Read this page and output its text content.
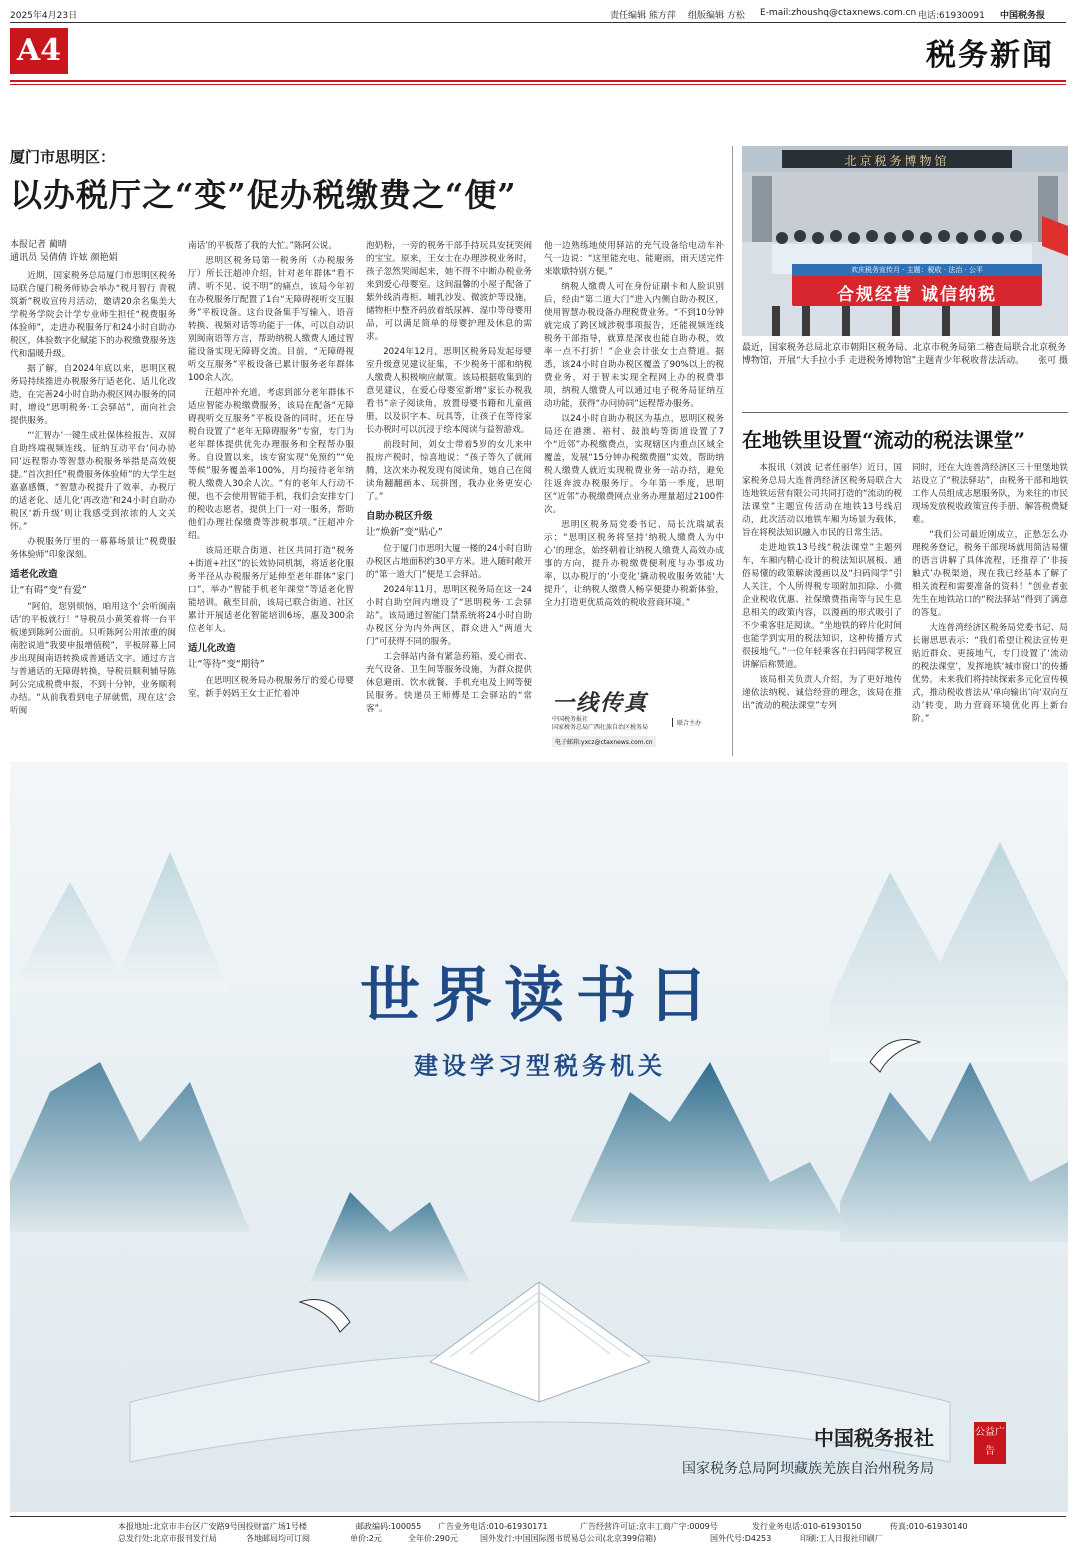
2025年4月23日	责任编辑 熊方萍 组版编辑 方松 E-mail:zhoushq@ctaxnews.com.cn 电话:61930091 中国税务报
A4	税务新闻
厦门市思明区：
以办税厅之“变”促办税缴费之“便”
本报记者 蔺晴
通讯员 吴倩倩 许妶 颜艳娟

近期，国家税务总局厦门市思明区税务局联合厦门税务师协会举办“税月智行 青税筑新”税收宣传月活动，邀请20余名集美大学税务学院会计学专业师生担任“税费服务体验师”，走进办税服务厅和24小时自助办税区，体验数字化赋能下的办税缴费服务迭代和温暖升级。

据了解，自2024年底以来，思明区税务局持续推进办税服务厅适老化、适儿化改造，在完善24小时自助办税区网办服务的同时，增设“思明税务·工会驿站”，面向社会提供服务。

“‘汇智办’一键生成社保体检报告、双屏自助终端视频连线、征纳互动平台‘问办协同’远程帮办等智慧办税服务举措是高效便捷。”首次担任“税费服务体验师”的大学生赵嘉嘉感慨，“智慧办税提升了效率，办税厅的适老化、适儿化‘再改造’和24小时自助办税区‘新升级’则让我感受到浓浓的人文关怀。”

办税服务厅里的一幕幕场景让“税费服务体验师”印象深刻。

适老化改造
让“有碍”变“有爱”

“阿伯，您别烦恼，咱用这个‘会听闽南话’的平板就行！”导税员小黄笑着将一台平板递到陈阿公面前。只听陈阿公用浓重的闽南腔说道“我要申报增值税”，平板屏幕上同步出现闽南语转换成普通话文字。通过方言与普通话的无障碍转换，导税员顺利辅导陈阿公完成税费申报，不到十分钟，业务顺利办结。“从前我看到电子屏就慌，现在这‘会听闽

南话’的平板帮了我的大忙。”陈阿公说。

思明区税务局第一税务所（办税服务厅）所长汪超冲介绍，针对老年群体“看不清、听不见、说不明”的痛点，该局今年初在办税服务厅配置了1台“无障碍视听交互服务”平板设备。这台设备集手写输入、语音转换、视频对话等功能于一体，可以自动识别闽南语等方言，帮助纳税人缴费人通过智能设备实现无障碍交流。目前，“无障碍视听交互服务”平板设备已累计服务老年群体100余人次。

汪超冲补充道，考虑到部分老年群体不适应智能办税缴费服务，该局在配备“无障碍视听交互服务”平板设备的同时，还在导税台设置了“老年无障碍服务”专窗，专门为老年群体提供优先办理服务和全程帮办服务。自设置以来，该专窗实现“免预约”“免等候”服务覆盖率100%，月均接待老年纳税人缴费人30余人次。“有的老年人行动不便，也不会使用智能手机，我们会安排专门的税收志愿者，提供上门一对一服务，帮助他们办理社保缴费等涉税事项。”汪超冲介绍。

该局还联合街道、社区共同打造“税务+街道+社区”的长效协同机制，将适老化服务半径从办税服务厅延伸至老年群体“家门口”，举办“智能手机老年课堂”等适老化智能培训。截至目前，该局已联合街道、社区累计开展适老化智能培训6场，惠及300余位老年人。

适儿化改造
让“等待”变“期待”

在思明区税务局办税服务厅的爱心母婴室，新手妈妈王女士正忙着冲

泡奶粉，一旁的税务干部手持玩具安抚哭闹的宝宝。原来，王女士在办理涉税业务时，孩子忽然哭闹起来，她不得不中断办税业务来到爱心母婴室。这间温馨的小屋子配备了紫外线消毒柜、哺乳沙发、微波炉等设施，储物柜中整齐码放着纸尿裤、湿巾等母婴用品，可以满足简单的母婴护理及休息的需求。

2024年12月，思明区税务局发起母婴室升级意见建议征集，不少税务干部和纳税人缴费人积极响应献策。该局根据收集到的意见建议，在爱心母婴室新增“家长办税我看书”亲子阅读角，放置母婴书籍和儿童画册，以及识字本、玩具等，让孩子在等待家长办税时可以沉浸于绘本阅读与益智游戏。

前段时间，刘女士带着5岁的女儿来申报房产税时，惊喜地说：“孩子等久了就闹腾，这次来办税发现有阅读角，她自己在阅读角翻翻画本、玩拼图，我办业务更安心了。”

自助办税区升级
让“焕新”变“贴心”

位于厦门市思明大厦一楼的24小时自助办税区占地面积约30平方米。进入随时敞开的“第一道大门”便是工会驿站。

2024年11月，思明区税务局在这一24小时自助空间内增设了“思明税务·工会驿站”。该局通过智能门禁系统将24小时自助办税区分为内外两区，群众进入“两道大门”可获得不同的服务。

工会驿站内备有紧急药箱、爱心雨衣、充气设备、卫生间等服务设施，为群众提供休息避雨、饮水就餐、手机充电及上网等便民服务。快递员王师傅是工会驿站的“常客”。

他一边熟练地使用驿站的充气设备给电动车补气一边说：“这里能充电、能避雨，雨天送完件来歇歇特别方便。”

纳税人缴费人可在身份证刷卡和人脸识别后，经由“第二道大门”进入内侧自助办税区，使用智慧办税设备办理税费业务。“不到10分钟就完成了跨区域涉税事项报告，还能视频连线税务干部指导，就算是深夜也能自助办税，效率一点不打折！”企业会计张女士点赞道。据悉，该24小时自助办税区覆盖了90%以上的税费业务，对于智未实现全程网上办的税费事项，纳税人缴费人可以通过电子税务局征纳互动功能，获得“办问协同”远程帮办服务。

以24小时自助办税区为基点，思明区税务局还在港澳、裕村、鼓浪屿等街道设置了7个“近邻”办税缴费点，实现辖区内重点区域全覆盖，发展“15分钟办税缴费圈”实效，帮助纳税人缴费人就近实现税费业务一站办结，避免往返奔波办税服务厅。今年第一季度，思明区“近邻”办税缴费网点业务办理量超过2100件次。

思明区税务局党委书记、局长沈瑞斌表示：“思明区税务将坚持‘纳税人缴费人为中心’的理念，始终朝着让纳税人缴费人高效办成事的方向，提升办税缴费便利度与办事成功率，以办税厅的‘小变化’撬动税收服务效能‘大提升’，让纳税人缴费人畅享便捷办税新体验，全力打造更优质高效的税收营商环境。”

一线传真
中国税务报社
国家税务总局广西壮族自治区税务局
联合主办
电子邮箱:yxcz@ctaxnews.com.cn
北京税务博物馆
欢庆税务宣传月 · 主题：税收 · 法治 · 公平
合规经营 诚信纳税
最近，国家税务总局北京市朝阳区税务局、北京市税务局第二稽查局联合北京税务博物馆，开展“大手拉小手 走进税务博物馆”主题青少年税收普法活动。 张可 摄
在地铁里设置“流动的税法课堂”

本报讯（刘波 记者任丽华）近日，国家税务总局大连普湾经济区税务局联合大连地铁运营有限公司共同打造的“流动的税法课堂”主题宣传活动在地铁13号线启动，此次活动以地铁车厢为场景为载体，旨在将税法知识融入市民的日常生活。

走进地铁13号线“税法课堂”主题列车，车厢内精心设计的税法知识展板、通俗易懂的政策解读漫画以及“扫码闯学”引人关注，个人所得税专项附加扣除、小微企业税收优惠、社保缴费指南等与民生息息相关的政策内容，以漫画的形式吸引了不少乘客驻足阅读。“坐地铁的碎片化时间也能学到实用的税法知识，这种传播方式很接地气。”一位年轻乘客在扫码闯学税宣讲解后称赞道。

该局相关负责人介绍，为了更好地传递依法纳税、诚信经营的理念，该局在推出“流动的税法课堂”专列

同时，还在大连普湾经济区三十里堡地铁站设立了“税法驿站”，由税务干部和地铁工作人员组成志愿服务队，为来往的市民现场发放税收政策宣传手册、解答税费疑难。

“我们公司最近刚成立，正愁怎么办理税务登记，税务干部现场就用简洁易懂的语言讲解了具体流程，还推荐了‘非接触式’办税渠道，现在我已经基本了解了相关流程和需要准备的资料！”创业者张先生在地铁站口的“税法驿站”得到了满意的答复。

大连普湾经济区税务局党委书记、局长谢思思表示：“我们希望让税法宣传更贴近群众、更接地气，专门设置了‘流动的税法课堂’，发挥地铁‘城市窗口’的传播优势。未来我们将持续探索多元化宣传模式，推动税收普法从‘单向输出’向‘双向互动’转变，助力营商环境优化再上新台阶。”

世界读书日
建设学习型税务机关
中国税务报社	公益广告
国家税务总局阿坝藏族羌族自治州税务局
本报地址:北京市丰台区广安路9号国投财富广场1号楼	邮政编码:100055 广告业务电话:010-61930171	广告经营许可证:京丰工商广字:0009号	发行业务电话:010-61930150	传真:010-61930140
总发行处:北京市报刊发行局	各地邮局均可订阅	单价:2元	全年价:290元	国外发行:中国国际图书贸易总公司(北京399信箱)	国外代号:D4253	印刷:工人日报社印刷厂
